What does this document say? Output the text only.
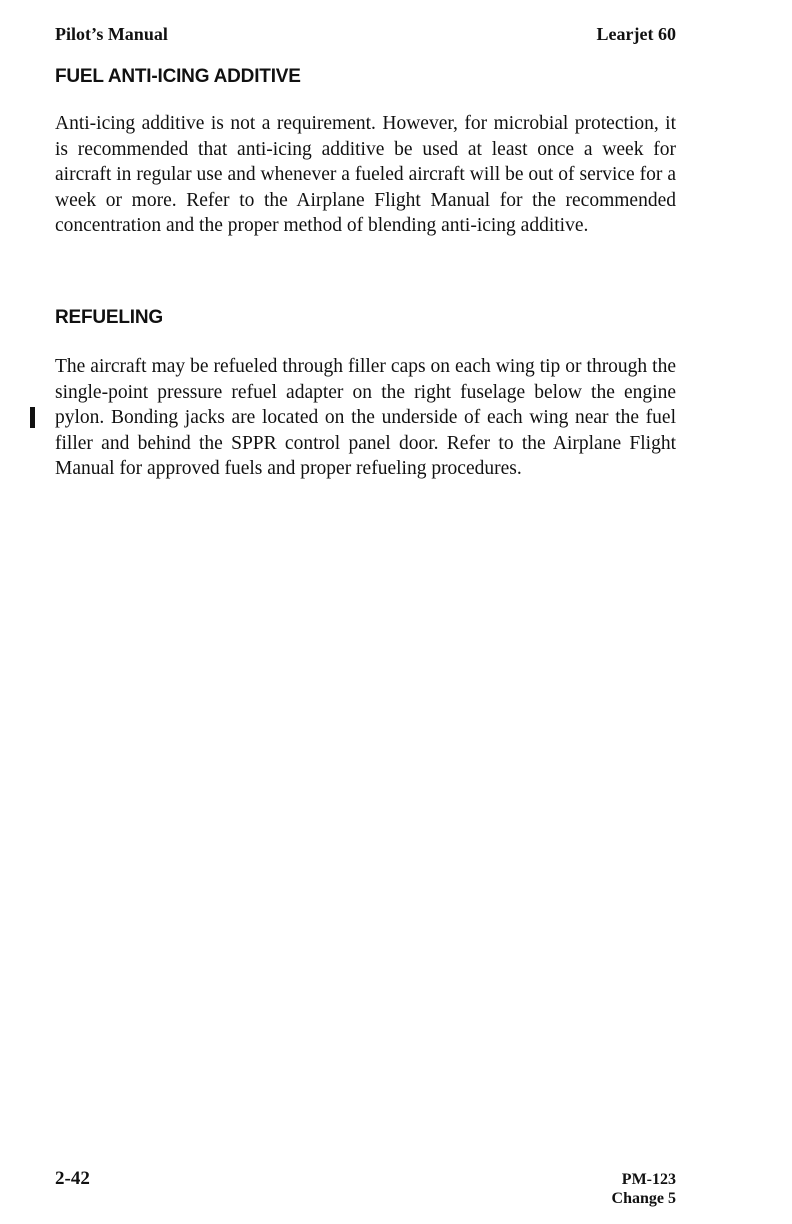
Pilot’s Manual	Learjet 60
FUEL ANTI-ICING ADDITIVE

Anti-icing additive is not a requirement. However, for microbial protection, it is recommended that anti-icing additive be used at least once a week for aircraft in regular use and whenever a fueled aircraft will be out of service for a week or more. Refer to the Airplane Flight Manual for the recommended concentration and the proper method of blending anti-icing additive.

REFUELING

The aircraft may be refueled through filler caps on each wing tip or through the single-point pressure refuel adapter on the right fuselage below the engine pylon. Bonding jacks are located on the underside of each wing near the fuel filler and behind the SPPR control panel door. Refer to the Airplane Flight Manual for approved fuels and proper refueling procedures.

2-42	PM-123
Change 5
